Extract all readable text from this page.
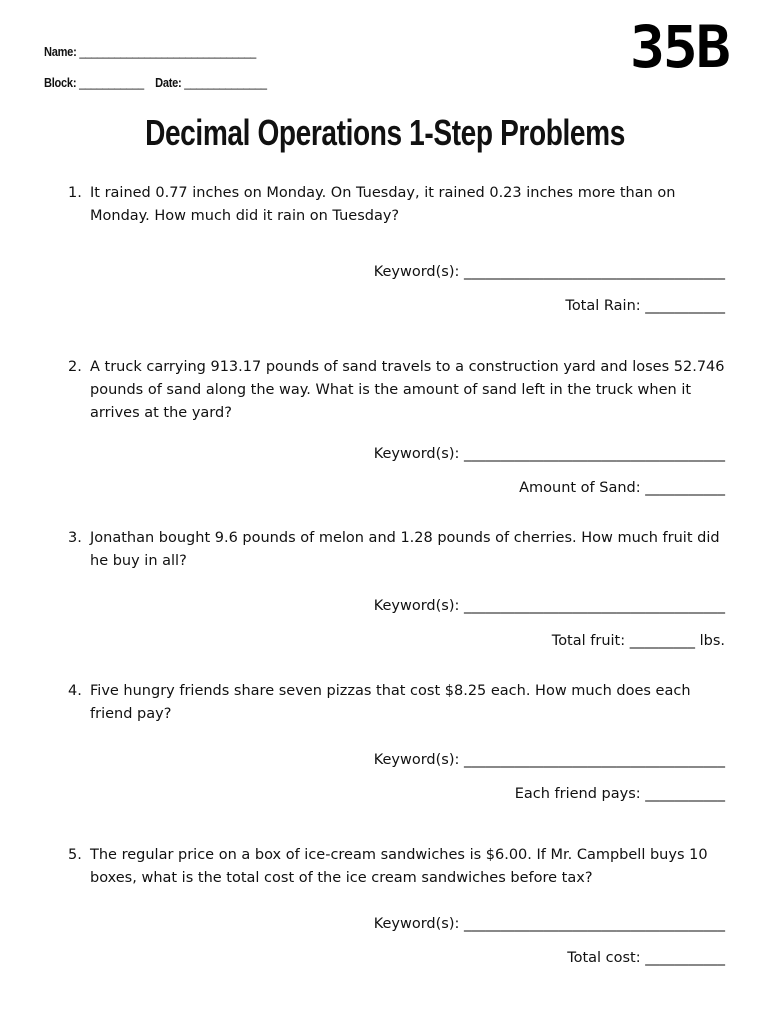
Name: ______________________________
Block: ___________ Date: ______________
35B
Decimal Operations 1-Step Problems
1. It rained 0.77 inches on Monday. On Tuesday, it rained 0.23 inches more than on Monday. How much did it rain on Tuesday?
Keyword(s): ____________________________________
Total Rain: ___________
2. A truck carrying 913.17 pounds of sand travels to a construction yard and loses 52.746 pounds of sand along the way. What is the amount of sand left in the truck when it arrives at the yard?
Keyword(s): ____________________________________
Amount of Sand: ___________
3. Jonathan bought 9.6 pounds of melon and 1.28 pounds of cherries. How much fruit did he buy in all?
Keyword(s): ____________________________________
Total fruit: _________ lbs.
4. Five hungry friends share seven pizzas that cost $8.25 each. How much does each friend pay?
Keyword(s): ____________________________________
Each friend pays: ___________
5. The regular price on a box of ice-cream sandwiches is $6.00. If Mr. Campbell buys 10 boxes, what is the total cost of the ice cream sandwiches before tax?
Keyword(s): ____________________________________
Total cost: ___________
